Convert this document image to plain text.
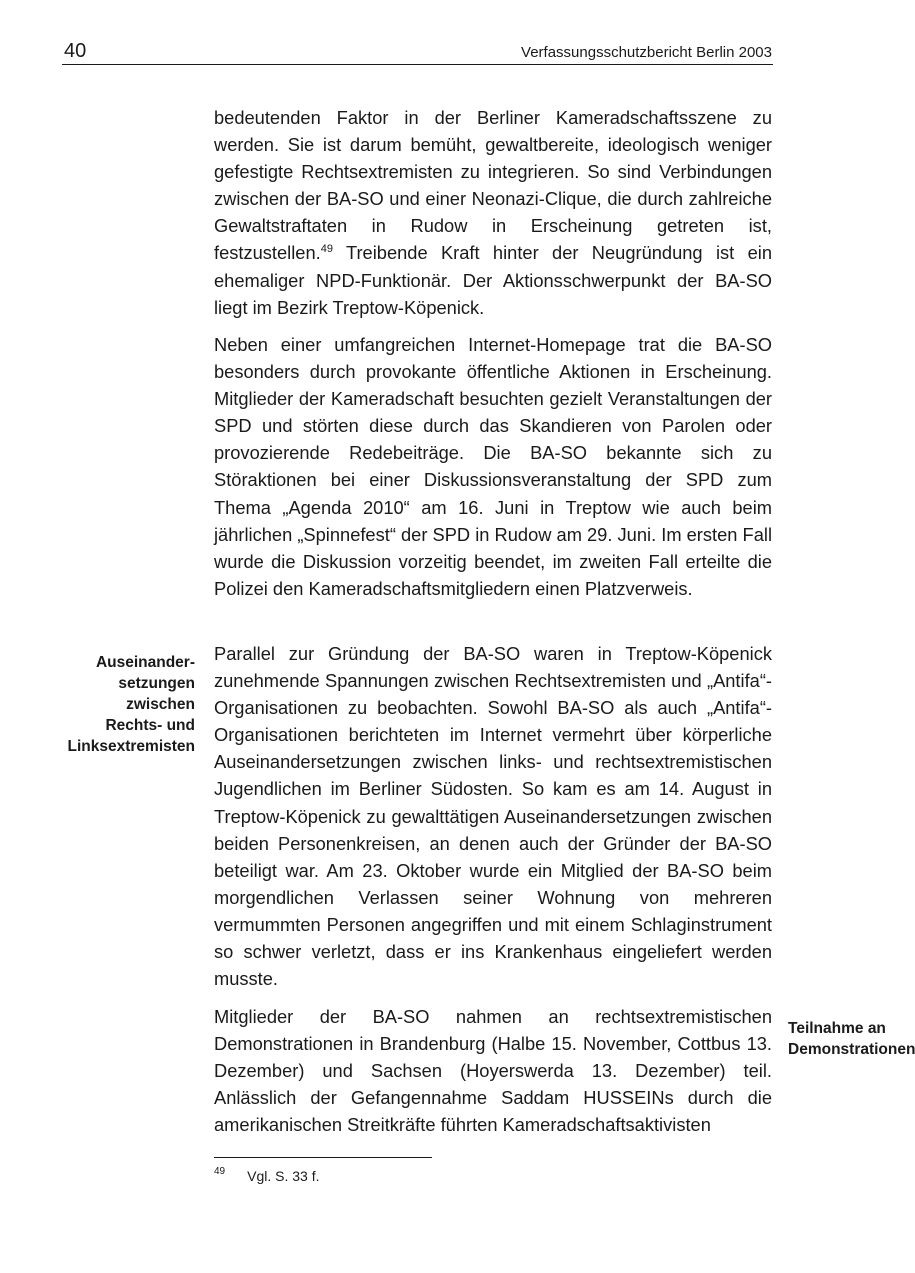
40	Verfassungsschutzbericht Berlin 2003

bedeutenden Faktor in der Berliner Kameradschaftsszene zu werden. Sie ist darum bemüht, gewaltbereite, ideologisch weniger gefestigte Rechtsextremisten zu integrieren. So sind Verbindungen zwischen der BA-SO und einer Neonazi-Clique, die durch zahlreiche Gewaltstraftaten in Rudow in Erscheinung getreten ist, festzustellen.$^{49}$ Treibende Kraft hinter der Neugründung ist ein ehemaliger NPD-Funktionär. Der Aktionsschwerpunkt der BA-SO liegt im Bezirk Treptow-Köpenick.

Neben einer umfangreichen Internet-Homepage trat die BA-SO besonders durch provokante öffentliche Aktionen in Erscheinung. Mitglieder der Kameradschaft besuchten gezielt Veranstaltungen der SPD und störten diese durch das Skandieren von Parolen oder provozierende Redebeiträge. Die BA-SO bekannte sich zu Störaktionen bei einer Diskussionsveranstaltung der SPD zum Thema „Agenda 2010“ am 16. Juni in Treptow wie auch beim jährlichen „Spinnefest“ der SPD in Rudow am 29. Juni. Im ersten Fall wurde die Diskussion vorzeitig beendet, im zweiten Fall erteilte die Polizei den Kameradschaftsmitgliedern einen Platzverweis.

Auseinander-
setzungen
zwischen
Rechts- und
Linksextremisten

Parallel zur Gründung der BA-SO waren in Treptow-Köpenick zunehmende Spannungen zwischen Rechtsextremisten und „Antifa“-Organisationen zu beobachten. Sowohl BA-SO als auch „Antifa“-Organisationen berichteten im Internet vermehrt über körperliche Auseinandersetzungen zwischen links- und rechtsextremistischen Jugendlichen im Berliner Südosten. So kam es am 14. August in Treptow-Köpenick zu gewalttätigen Auseinandersetzungen zwischen beiden Personenkreisen, an denen auch der Gründer der BA-SO beteiligt war. Am 23. Oktober wurde ein Mitglied der BA-SO beim morgendlichen Verlassen seiner Wohnung von mehreren vermummten Personen angegriffen und mit einem Schlaginstrument so schwer verletzt, dass er ins Krankenhaus eingeliefert werden musste.

Mitglieder der BA-SO nahmen an rechtsextremistischen Demonstrationen in Brandenburg (Halbe 15. November, Cottbus 13. Dezember) und Sachsen (Hoyerswerda 13. Dezember) teil. Anlässlich der Gefangennahme Saddam HUSSEINs durch die amerikanischen Streitkräfte führten Kameradschaftsaktivisten

Teilnahme an
Demonstrationen
$^{49}$ Vgl. S. 33 f.
